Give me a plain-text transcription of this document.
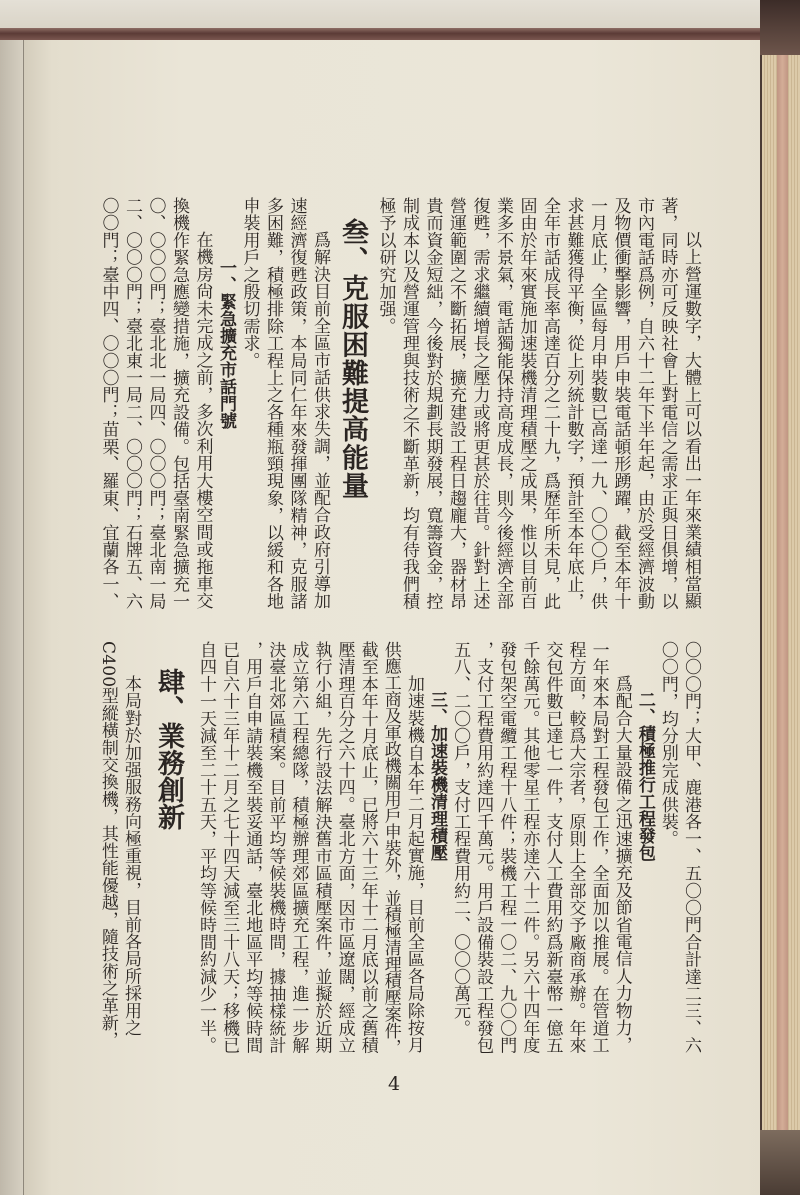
以上營運數字，大體上可以看出一年來業績相當顯
著，同時亦可反映社會上對電信之需求正與日俱增，以
市內電話爲例，自六十二年下半年起，由於受經濟波動
及物價衝擊影響，用戶申裝電話頓形踴躍，截至本年十
一月底止，全區每月申裝數已高達一九、〇〇〇戶，供
求甚難獲得平衡，從上列統計數字，預計至本年底止，
全年市話成長率高達百分之二十九，爲歷年所未見，此
固由於年來實施加速裝機清理積壓之成果，惟以目前百
業多不景氣，電話獨能保持高度成長，則今後經濟全部
復甦，需求繼續增長之壓力或將更甚於往昔。針對上述
營運範圍之不斷拓展，擴充建設工程日趨龐大，器材昂
貴而資金短絀，今後對於規劃長期發展，寬籌資金，控
制成本以及營運管理與技術之不斷革新，均有待我們積
極予以研究加强。
叁、克服困難提高能量
爲解決目前全區市話供求失調，並配合政府引導加
速經濟復甦政策，本局同仁年來發揮團隊精神，克服諸
多困難，積極排除工程上之各種瓶頸現象，以緩和各地
申裝用戶之殷切需求。
一、緊急擴充市話門號
在機房尙未完成之前，多次利用大樓空間或拖車交
換機作緊急應變措施，擴充設備。包括臺南緊急擴充一
〇、〇〇〇門；臺北北一局四、〇〇〇門；臺北南一局
二、〇〇〇門；臺北東一局二、〇〇〇門；石牌五、六
〇〇門；臺中四、〇〇〇門；苗栗、羅東、宜蘭各一、
〇〇〇門；大甲、鹿港各一、五〇〇門合計達二三、六
〇〇門，均分別完成供裝。
二、積極推行工程發包
爲配合大量設備之迅速擴充及節省電信人力物力，
一年來本局對工程發包工作，全面加以推展。在管道工
程方面，較爲大宗者，原則上全部交予廠商承辦。年來
交包件數已達七一件，支付人工費用約爲新臺幣一億五
千餘萬元。其他零星工程亦達六十二件。另六十四年度
發包架空電纜工程十八件；裝機工程一〇二、九〇〇門
，支付工程費用約達四千萬元。用戶設備裝設工程發包
五八、二〇〇戶，支付工程費用約二、〇〇〇萬元。
三、加速裝機清理積壓
加速裝機自本年二月起實施，目前全區各局除按月
供應工商及軍政機關用戶申裝外，並積極清理積壓案件，
截至本年十月底止，已將六十三年十二月底以前之舊積
壓清理百分之六十四。臺北方面，因市區遼闊，經成立
執行小組，先行設法解決舊市區積壓案件，並擬於近期
成立第六工程總隊，積極辦理郊區擴充工程，進一步解
決臺北郊區積案。目前平均等候裝機時間，據抽樣統計
，用戶自申請裝機至裝妥通話，臺北地區平均等候時間
已自六十三年十二月之七十四天減至三十八天；移機已
自四十一天減至二十五天，平均等候時間約減少一半。
肆、業務創新
本局對於加强服務向極重視，目前各局所採用之
C400型縱橫制交換機，其性能優越，隨技術之革新，
4
